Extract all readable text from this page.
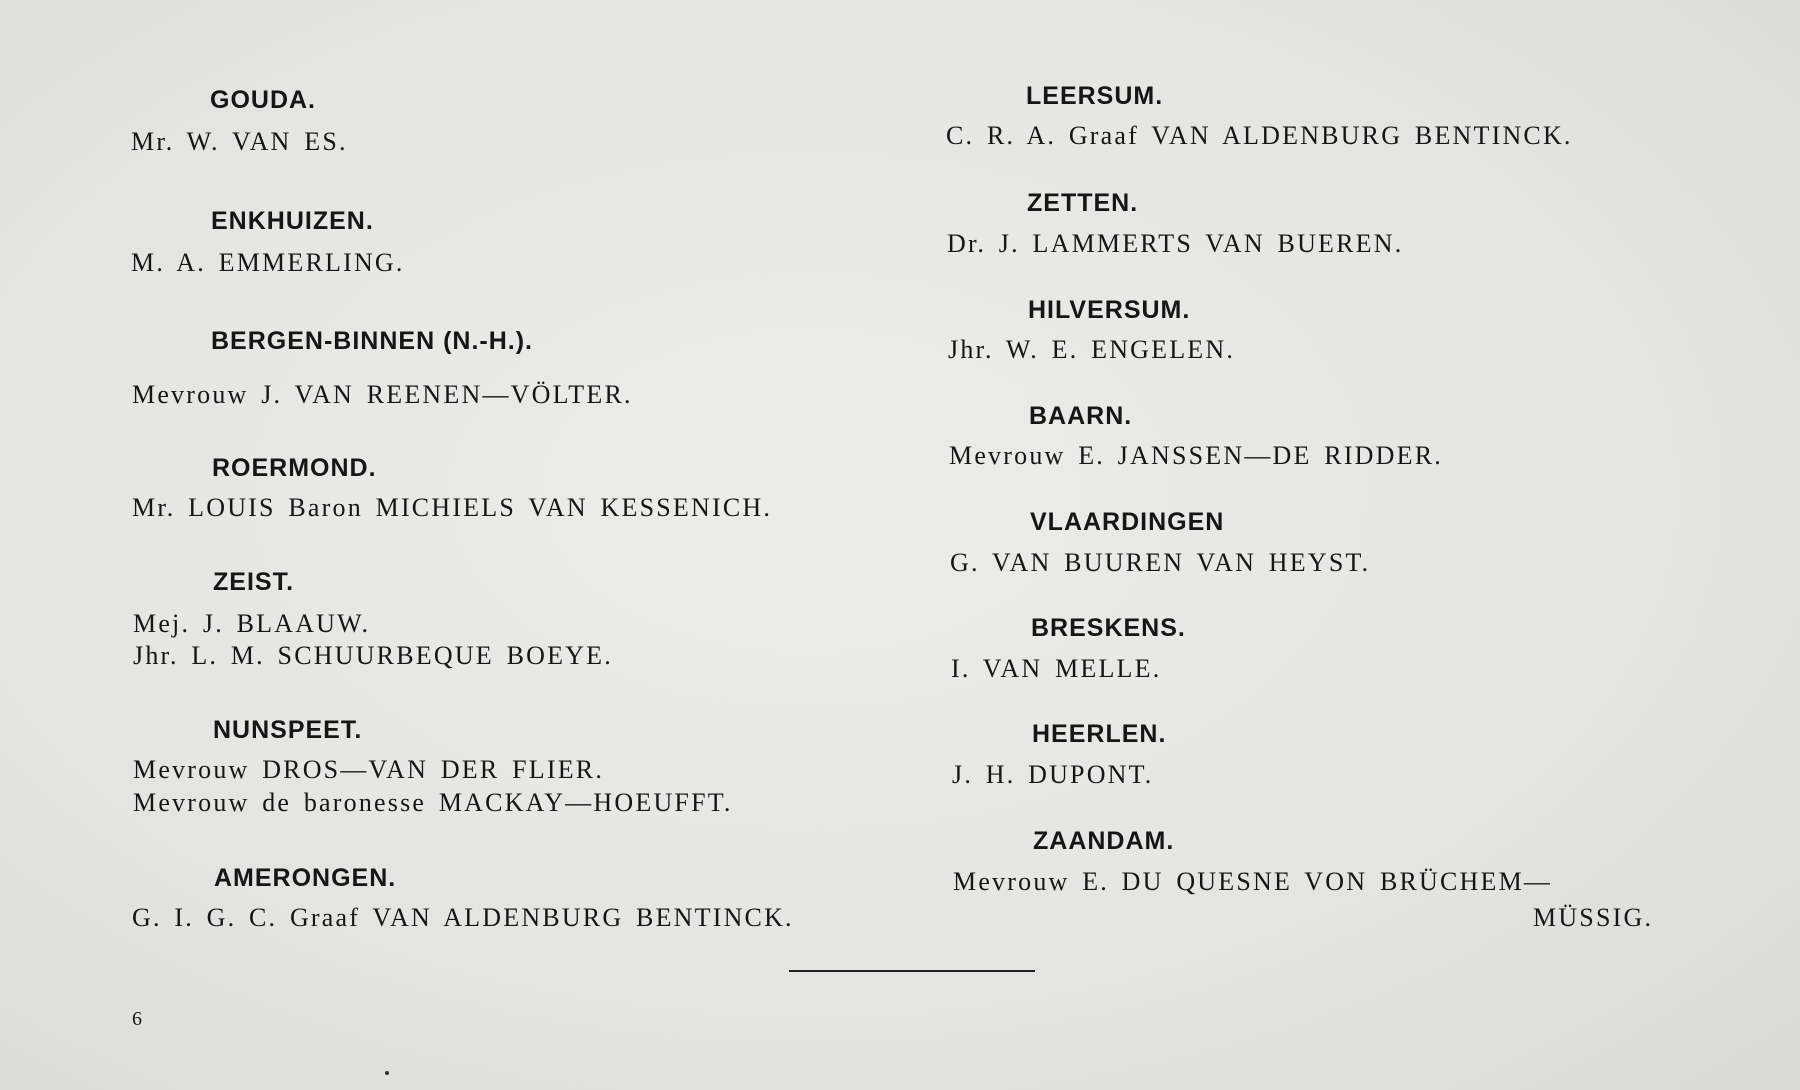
GOUDA.
Mr. W. VAN ES.
ENKHUIZEN.
M. A. EMMERLING.
BERGEN-BINNEN (N.-H.).
Mevrouw J. VAN REENEN—VÖLTER.
ROERMOND.
Mr. LOUIS Baron MICHIELS VAN KESSENICH.
ZEIST.
Mej. J. BLAAUW.
Jhr. L. M. SCHUURBEQUE BOEYE.
NUNSPEET.
Mevrouw DROS—VAN DER FLIER.
Mevrouw de baronesse MACKAY—HOEUFFT.
AMERONGEN.
G. I. G. C. Graaf VAN ALDENBURG BENTINCK.
LEERSUM.
C. R. A. Graaf VAN ALDENBURG BENTINCK.
ZETTEN.
Dr. J. LAMMERTS VAN BUEREN.
HILVERSUM.
Jhr. W. E. ENGELEN.
BAARN.
Mevrouw E. JANSSEN—DE RIDDER.
VLAARDINGEN
G. VAN BUUREN VAN HEYST.
BRESKENS.
I. VAN MELLE.
HEERLEN.
J. H. DUPONT.
ZAANDAM.
Mevrouw E. DU QUESNE VON BRÜCHEM—
MÜSSIG.
6
